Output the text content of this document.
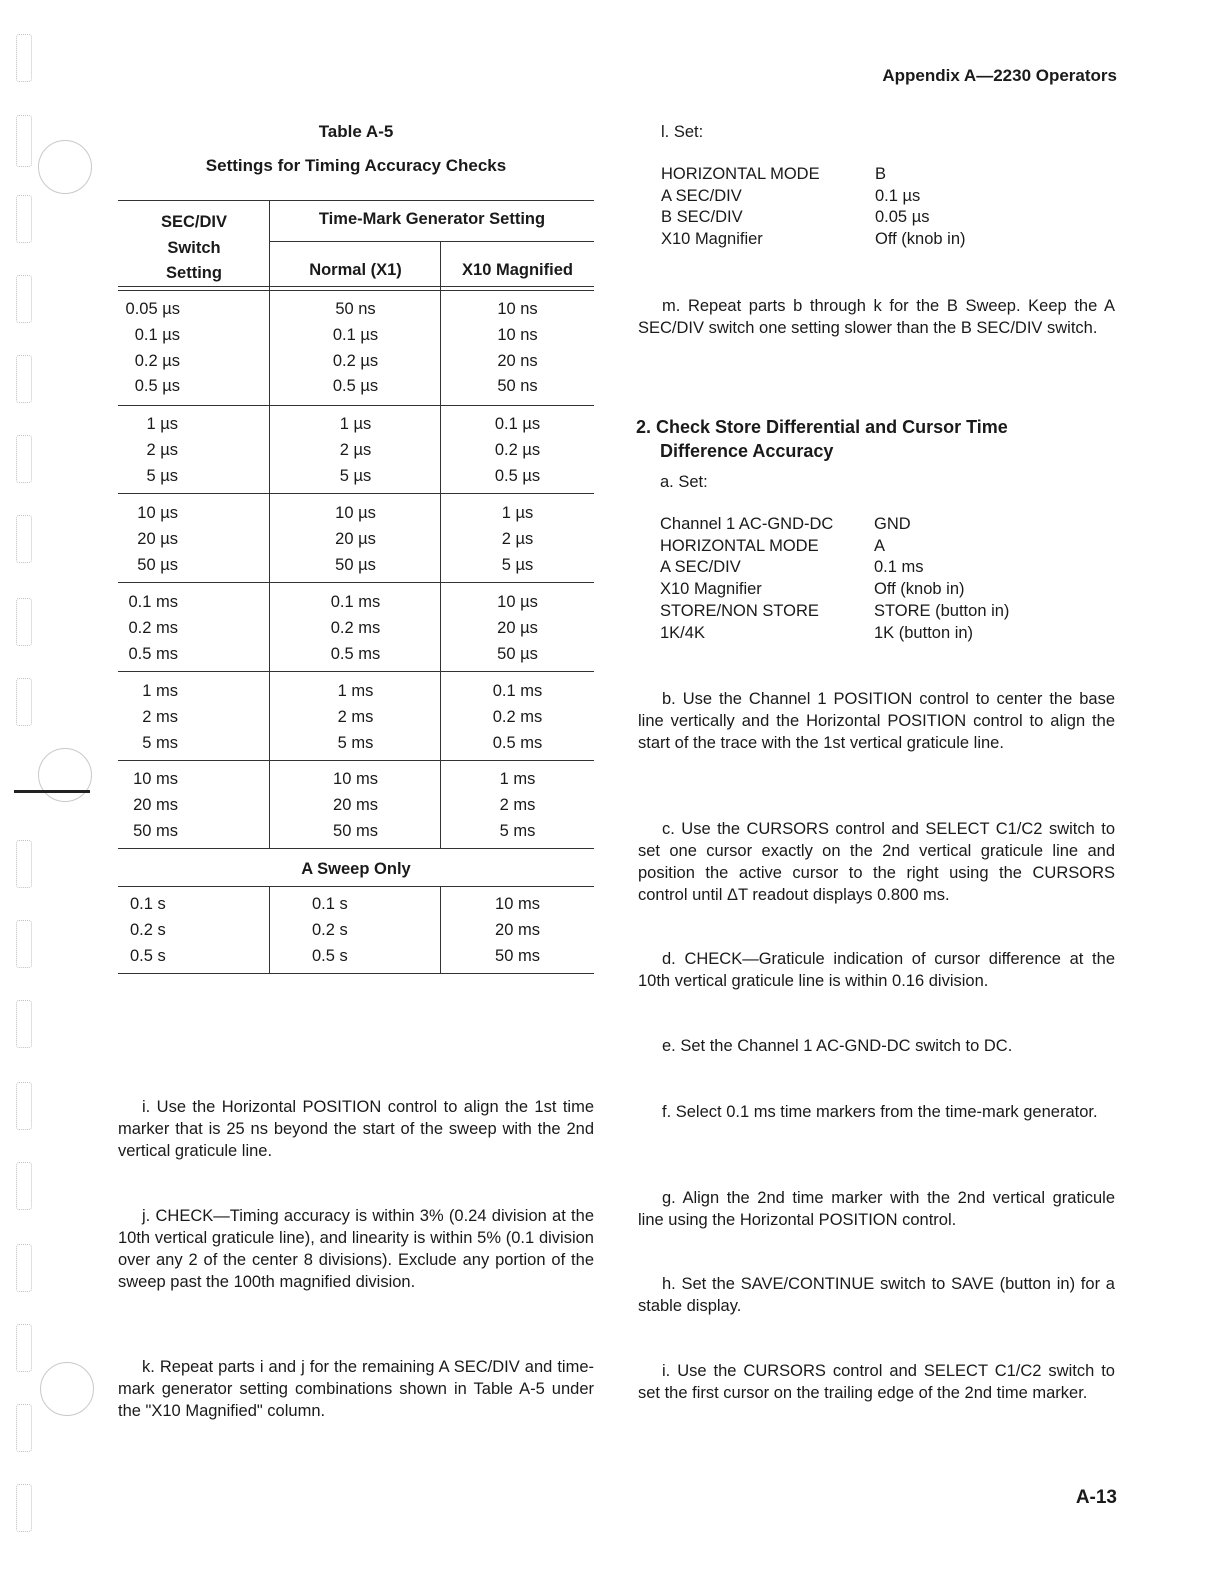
Appendix A—2230 Operators
Table A-5
Settings for Timing Accuracy Checks
SEC/DIV
Switch
Setting
Time-Mark Generator Setting
Normal (X1)	X10 Magnified
0.05 µs	50 ns	10 ns
0.1 µs	0.1 µs	10 ns
0.2 µs	0.2 µs	20 ns
0.5 µs	0.5 µs	50 ns
1 µs	1 µs	0.1 µs
2 µs	2 µs	0.2 µs
5 µs	5 µs	0.5 µs
10 µs	10 µs	1 µs
20 µs	20 µs	2 µs
50 µs	50 µs	5 µs
0.1 ms	0.1 ms	10 µs
0.2 ms	0.2 ms	20 µs
0.5 ms	0.5 ms	50 µs
1 ms	1 ms	0.1 ms
2 ms	2 ms	0.2 ms
5 ms	5 ms	0.5 ms
10 ms	10 ms	1 ms
20 ms	20 ms	2 ms
50 ms	50 ms	5 ms
A Sweep Only
0.1 s	0.1 s	10 ms
0.2 s	0.2 s	20 ms
0.5 s	0.5 s	50 ms
i. Use the Horizontal POSITION control to align the 1st time marker that is 25 ns beyond the start of the sweep with the 2nd vertical graticule line.
j. CHECK—Timing accuracy is within 3% (0.24 division at the 10th vertical graticule line), and linearity is within 5% (0.1 division over any 2 of the center 8 divisions). Exclude any portion of the sweep past the 100th magnified division.
k. Repeat parts i and j for the remaining A SEC/DIV and time-mark generator setting combinations shown in Table A-5 under the "X10 Magnified" column.
l. Set:
HORIZONTAL MODE	B
A SEC/DIV	0.1 µs
B SEC/DIV	0.05 µs
X10 Magnifier	Off (knob in)
m. Repeat parts b through k for the B Sweep. Keep the A SEC/DIV switch one setting slower than the B SEC/DIV switch.
2. Check Store Differential and Cursor Time
Difference Accuracy
a. Set:
Channel 1 AC-GND-DC	GND
HORIZONTAL MODE	A
A SEC/DIV	0.1 ms
X10 Magnifier	Off (knob in)
STORE/NON STORE	STORE (button in)
1K/4K	1K (button in)
b. Use the Channel 1 POSITION control to center the base line vertically and the Horizontal POSITION control to align the start of the trace with the 1st vertical graticule line.
c. Use the CURSORS control and SELECT C1/C2 switch to set one cursor exactly on the 2nd vertical graticule line and position the active cursor to the right using the CURSORS control until ΔT readout displays 0.800 ms.
d. CHECK—Graticule indication of cursor difference at the 10th vertical graticule line is within 0.16 division.
e. Set the Channel 1 AC-GND-DC switch to DC.
f. Select 0.1 ms time markers from the time-mark generator.
g. Align the 2nd time marker with the 2nd vertical graticule line using the Horizontal POSITION control.
h. Set the SAVE/CONTINUE switch to SAVE (button in) for a stable display.
i. Use the CURSORS control and SELECT C1/C2 switch to set the first cursor on the trailing edge of the 2nd time marker.
A-13
